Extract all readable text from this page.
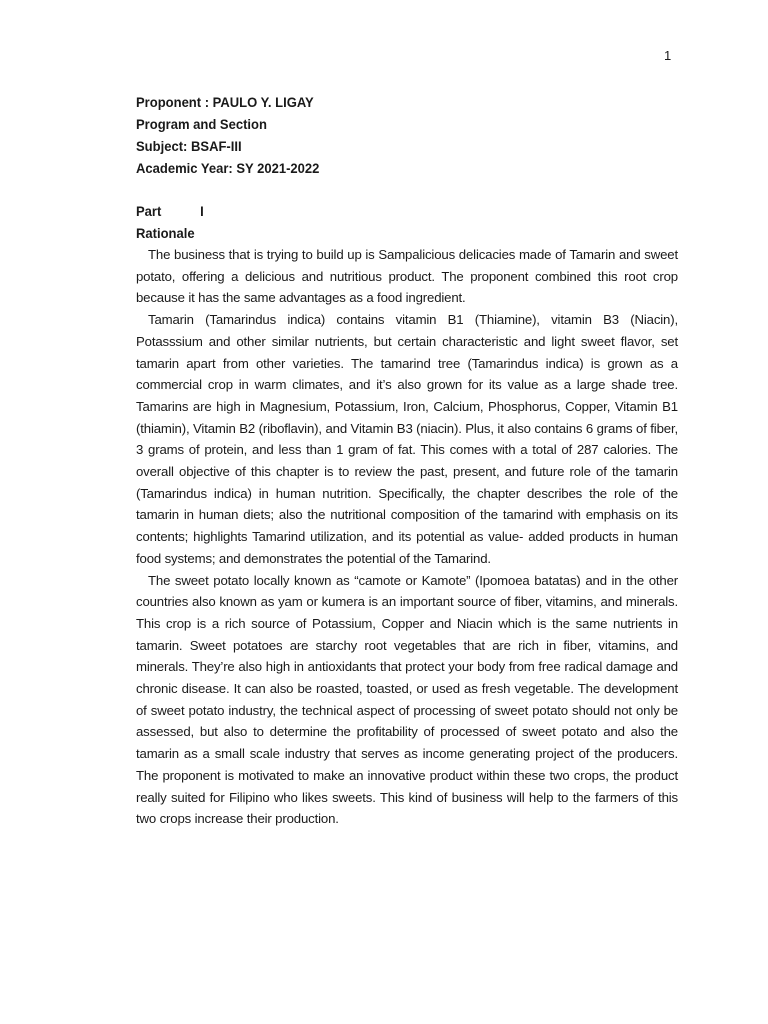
1
Proponent : PAULO Y. LIGAY
Program and Section
Subject: BSAF-III
Academic Year: SY 2021-2022
Part	I
Rationale

The business that is trying to build up is Sampalicious delicacies made of Tamarin and sweet potato, offering a delicious and nutritious product. The proponent combined this root crop because it has the same advantages as a food ingredient.

Tamarin (Tamarindus indica) contains vitamin B1 (Thiamine), vitamin B3 (Niacin), Potasssium and other similar nutrients, but certain characteristic and light sweet flavor, set tamarin apart from other varieties. The tamarind tree (Tamarindus indica) is grown as a commercial crop in warm climates, and it’s also grown for its value as a large shade tree. Tamarins are high in Magnesium, Potassium, Iron, Calcium, Phosphorus, Copper, Vitamin B1 (thiamin), Vitamin B2 (riboflavin), and Vitamin B3 (niacin). Plus, it also contains 6 grams of fiber, 3 grams of protein, and less than 1 gram of fat. This comes with a total of 287 calories. The overall objective of this chapter is to review the past, present, and future role of the tamarin (Tamarindus indica) in human nutrition. Specifically, the chapter describes the role of the tamarin in human diets; also the nutritional composition of the tamarind with emphasis on its contents; highlights Tamarind utilization, and its potential as value- added products in human food systems; and demonstrates the potential of the Tamarind.

The sweet potato locally known as “camote or Kamote” (Ipomoea batatas) and in the other countries also known as yam or kumera is an important source of fiber, vitamins, and minerals. This crop is a rich source of Potassium, Copper and Niacin which is the same nutrients in tamarin. Sweet potatoes are starchy root vegetables that are rich in fiber, vitamins, and minerals. They’re also high in antioxidants that protect your body from free radical damage and chronic disease. It can also be roasted, toasted, or used as fresh vegetable. The development of sweet potato industry, the technical aspect of processing of sweet potato should not only be assessed, but also to determine the profitability of processed of sweet potato and also the tamarin as a small scale industry that serves as income generating project of the producers. The proponent is motivated to make an innovative product within these two crops, the product really suited for Filipino who likes sweets. This kind of business will help to the farmers of this two crops increase their production.
